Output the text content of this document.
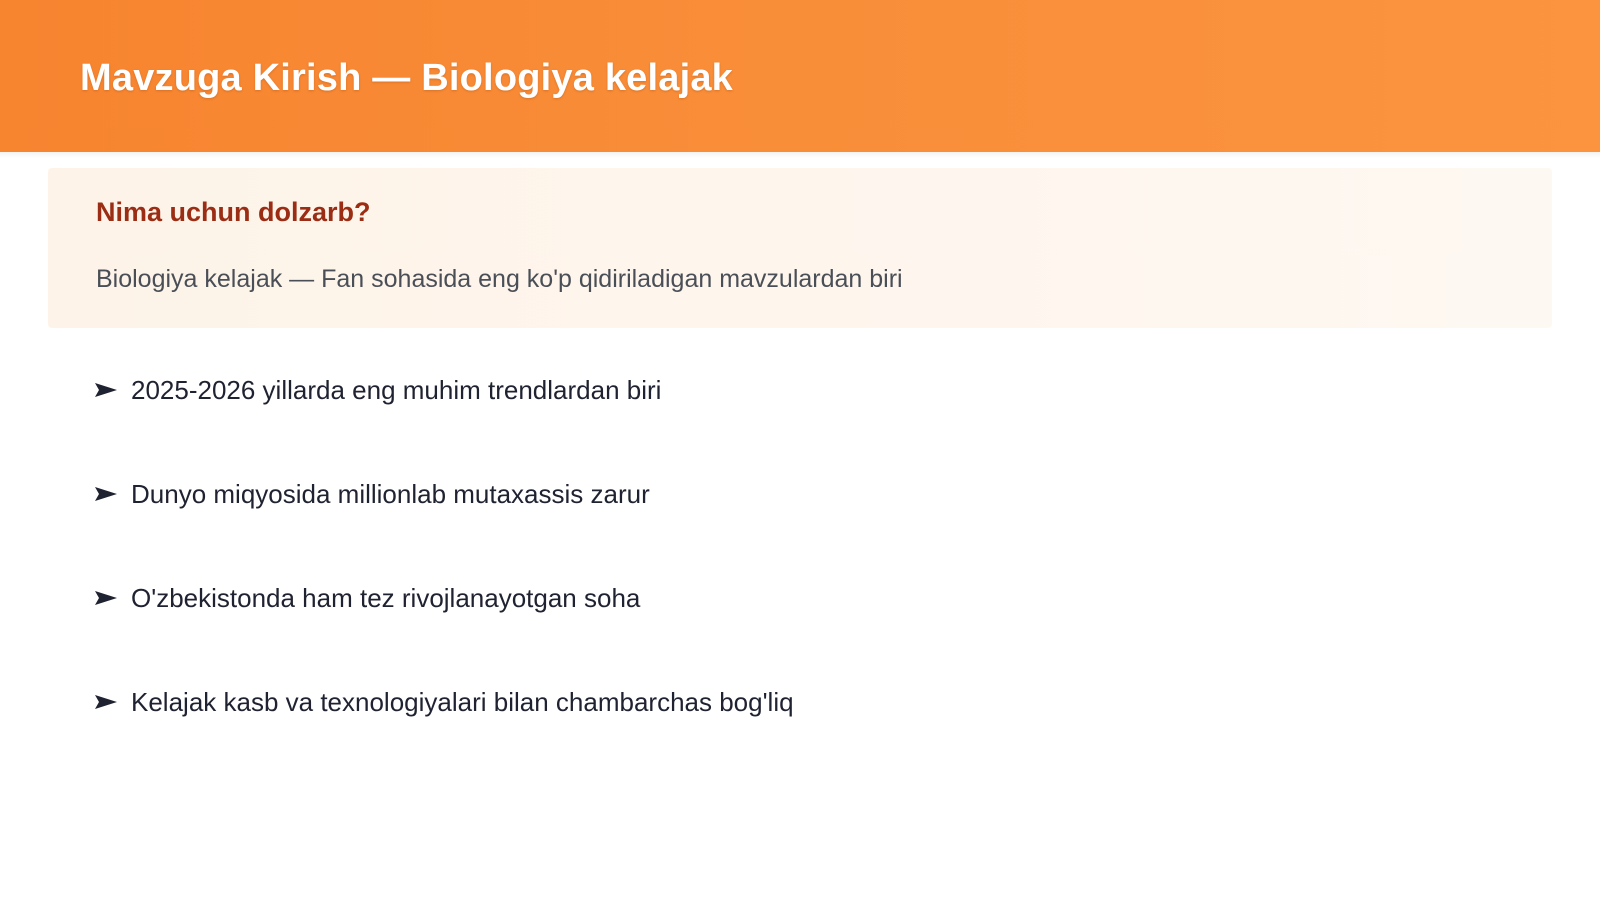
Mavzuga Kirish — Biologiya kelajak
Nima uchun dolzarb?

Biologiya kelajak — Fan sohasida eng ko'p qidiriladigan mavzulardan biri

2025-2026 yillarda eng muhim trendlardan biri
Dunyo miqyosida millionlab mutaxassis zarur
O'zbekistonda ham tez rivojlanayotgan soha
Kelajak kasb va texnologiyalari bilan chambarchas bog'liq
